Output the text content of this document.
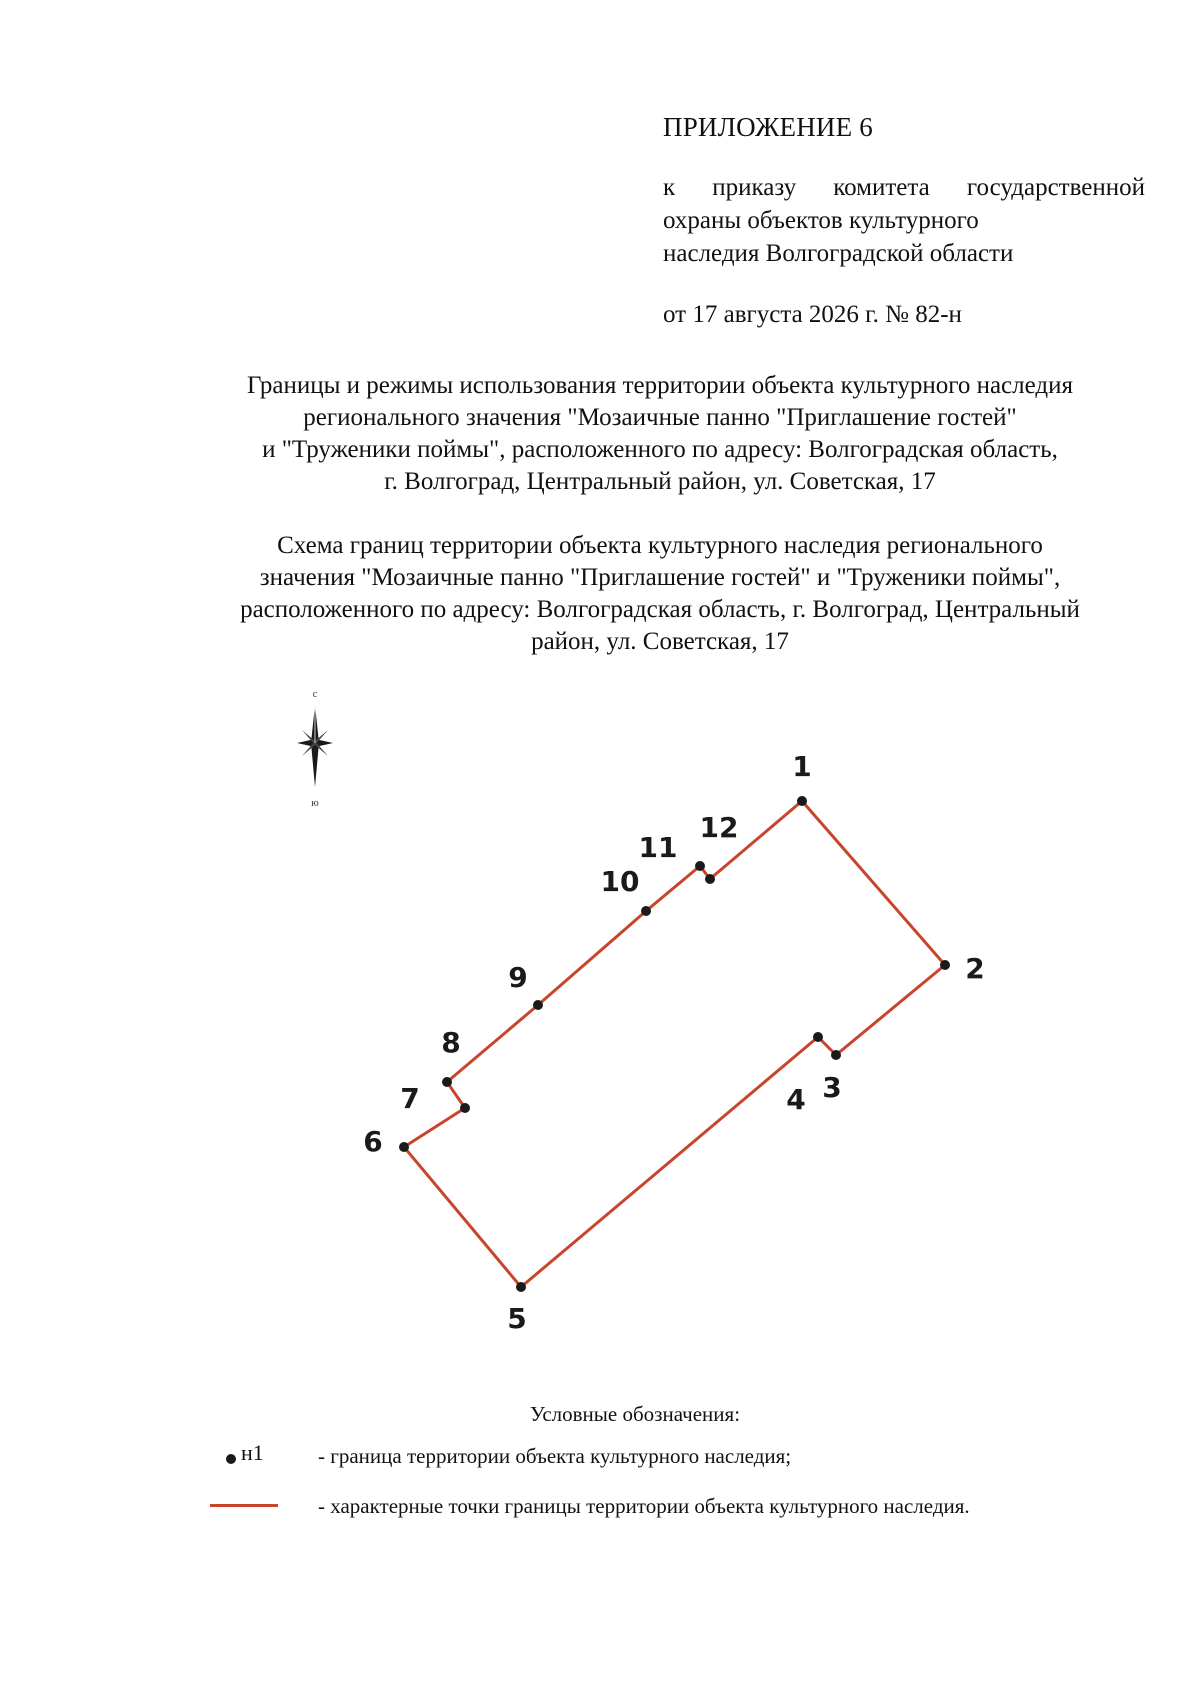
ПРИЛОЖЕНИЕ 6
к приказу комитета государственной
охраны объектов культурного
наследия Волгоградской области
от 17 августа 2026 г. № 82-н
Границы и режимы использования территории объекта культурного наследия
регионального значения "Мозаичные панно "Приглашение гостей"
и "Труженики поймы", расположенного по адресу: Волгоградская область,
г. Волгоград, Центральный район, ул. Советская, 17
Схема границ территории объекта культурного наследия регионального
значения "Мозаичные панно "Приглашение гостей" и "Труженики поймы",
расположенного по адресу: Волгоградская область, г. Волгоград, Центральный
район, ул. Советская, 17
с
ю
1
2
3
4
5
6
7
8
9
10
11
12
Условные обозначения:
н1	- граница территории объекта культурного наследия;
- характерные точки границы территории объекта культурного наследия.
